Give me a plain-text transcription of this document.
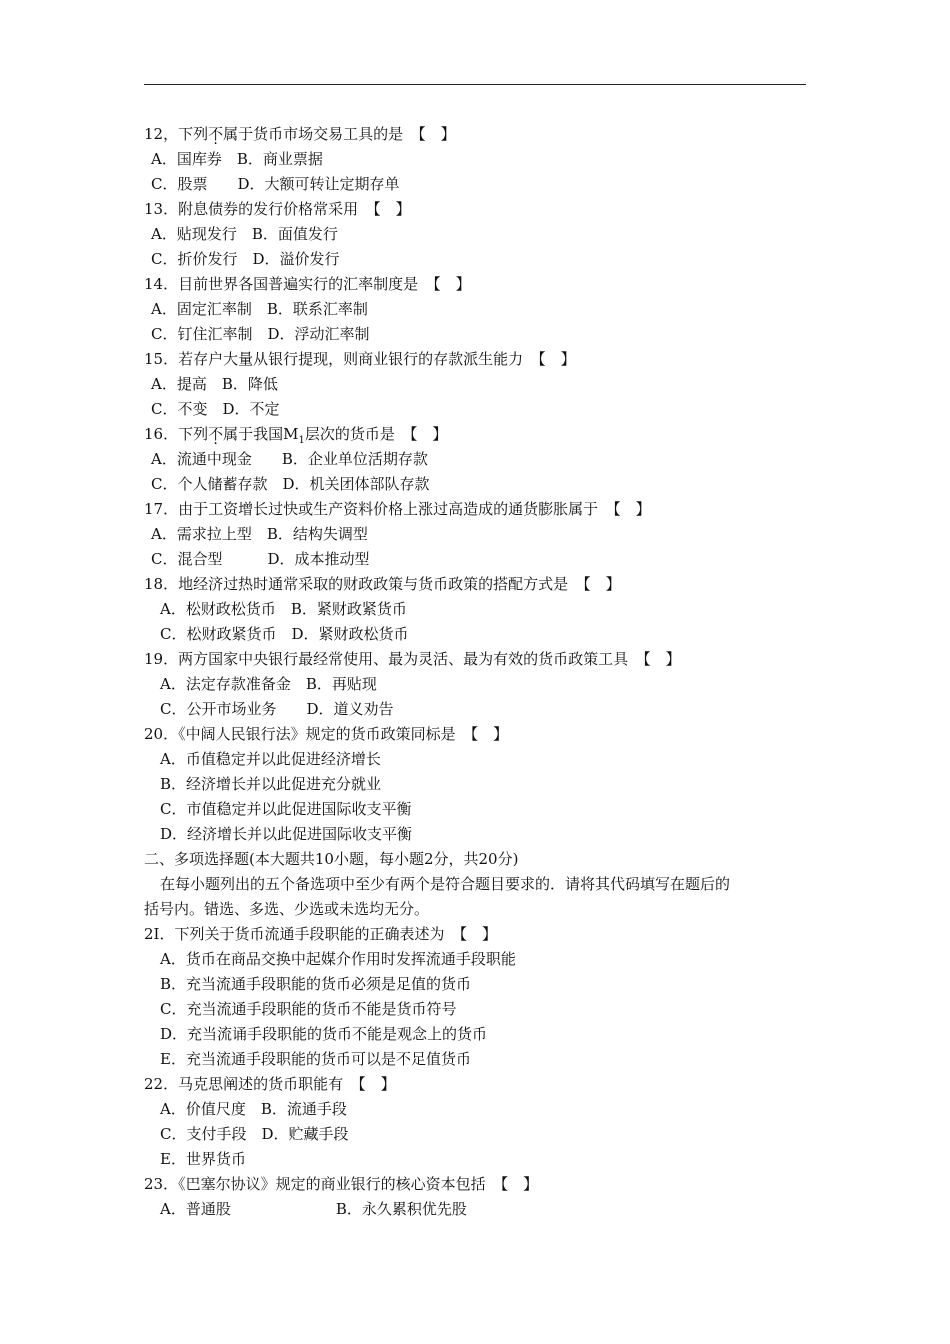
12，下列不属于货币市场交易工具的是　【　】
A．国库券　B．商业票据
C．股票　　D．大额可转让定期存单
13．附息债券的发行价格常采用　【　】
A．贴现发行　B．面值发行
C．折价发行　D．溢价发行
14．目前世界各国普遍实行的汇率制度是　【　】
A．固定汇率制　B．联系汇率制
C．钉住汇率制　D．浮动汇率制
15．若存户大量从银行提现，则商业银行的存款派生能力　【　】
A．提高　B．降低
C．不变　D．不定
16．下列不属于我国$M_1$层次的货币是　【　】
A．流通中现金　　B．企业单位活期存款
C．个人储蓄存款　D．机关团体部队存款
17．由于工资增长过快或生产资料价格上涨过高造成的通货膨胀属于　【　】
A．需求拉上型　B．结构失调型
C．混合型　　　D．成本推动型
18．地经济过热时通常采取的财政政策与货币政策的搭配方式是　【　】
A．松财政松货币　B．紧财政紧货币
C．松财政紧货币　D．紧财政松货币
19．两方国家中央银行最经常使用、最为灵活、最为有效的货币政策工具　【　】
A．法定存款准备金　B．再贴现
C．公开市场业务　　D．道义劝告
20．《中阔人民银行法》规定的货币政策同标是　【　】
A．币值稳定并以此促进经济增长
B．经济增长并以此促进充分就业
C．市值稳定并以此促进国际收支平衡
D．经济增长并以此促进国际收支平衡
二、多项选择题(本大题共10小题，每小题2分，共20分)
在每小题列出的五个备选项中至少有两个是符合题目要求的．请将其代码填写在题后的
括号内。错选、多选、少选或未选均无分。
2I．下列关于货币流通手段职能的正确表述为　【　】
A．货币在商品交换中起媒介作用时发挥流通手段职能
B．充当流通手段职能的货币必须是足值的货币
C．充当流通手段职能的货币不能是货币符号
D．充当流诵手段职能的货币不能是观念上的货币
E．充当流通手段职能的货币可以是不足值货币
22．马克思阐述的货币职能有　【　】
A．价值尺度　B．流通手段
C．支付手段　D．贮藏手段
E．世界货币
23．《巴塞尔协议》规定的商业银行的核心资本包括　【　】
A．普通股　　　　　　　B．永久累积优先股
